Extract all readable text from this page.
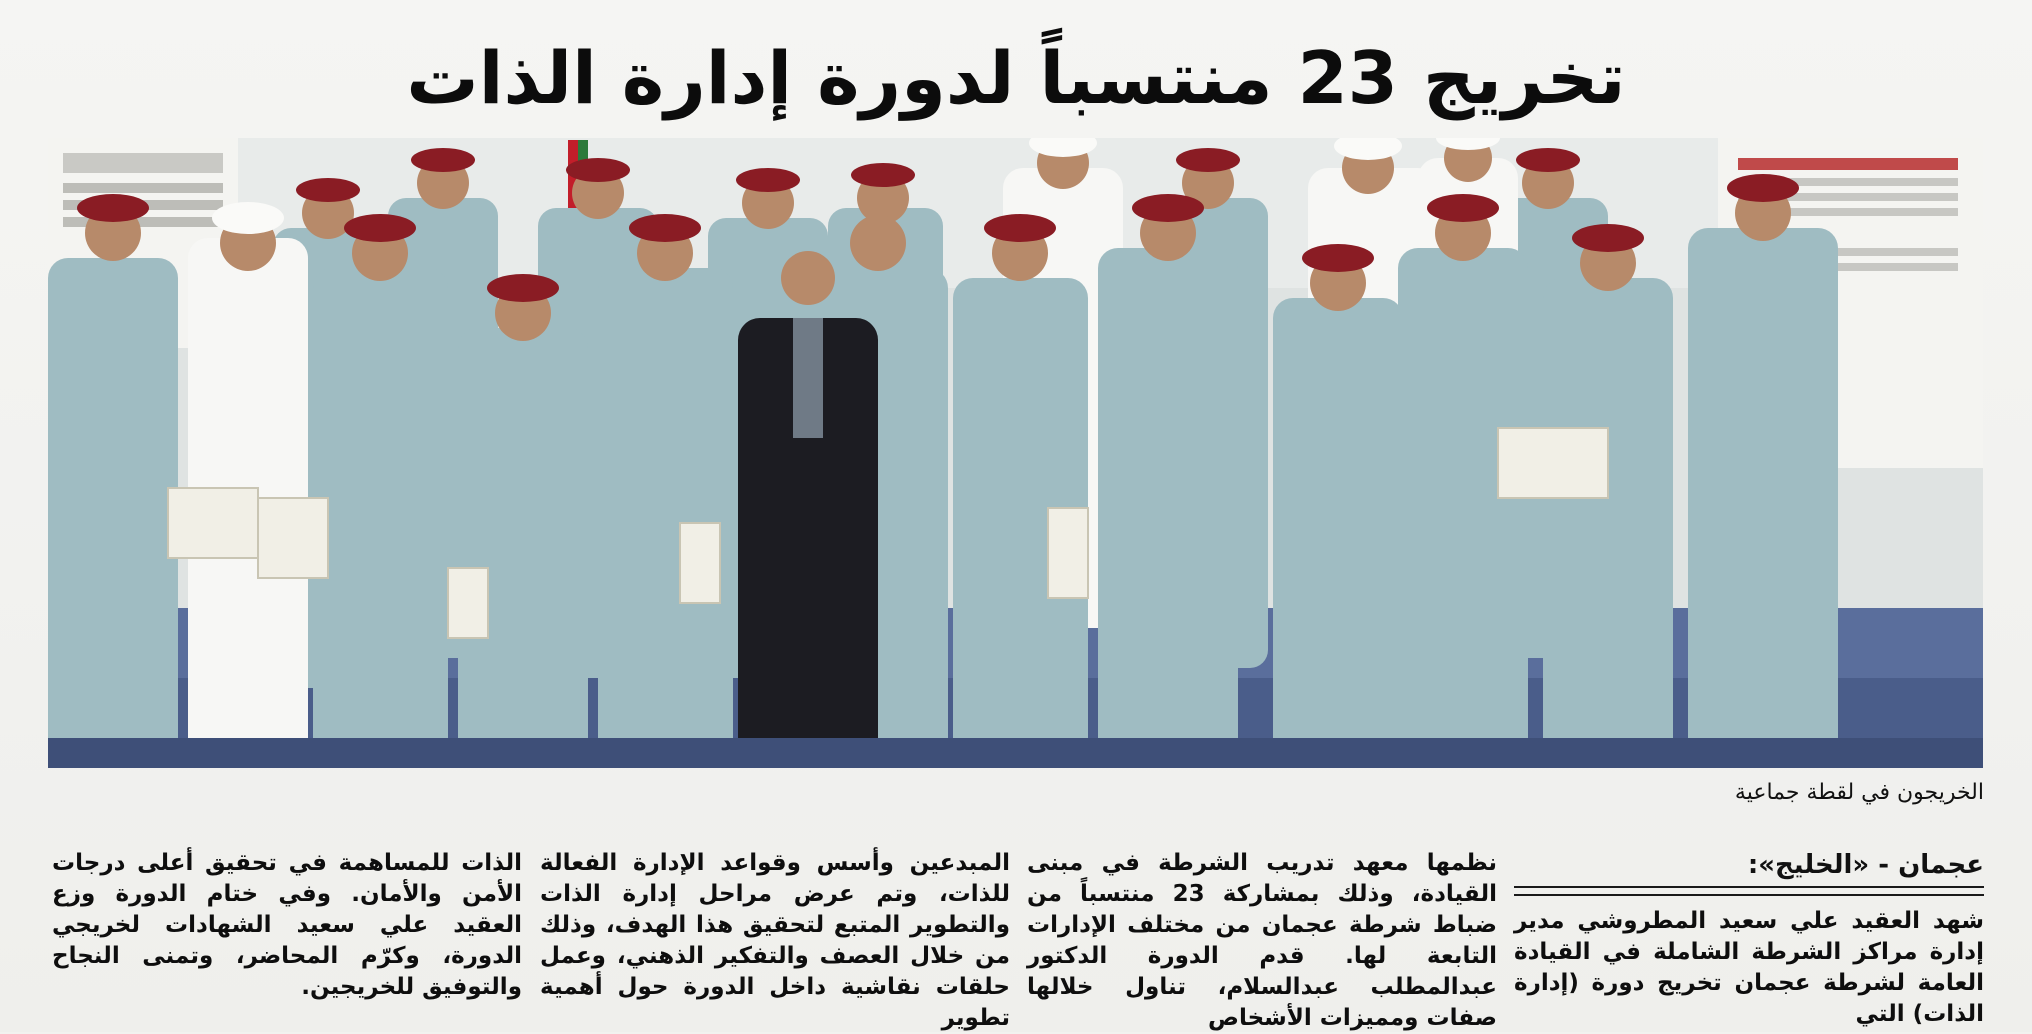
تخريج 23 منتسباً لدورة إدارة الذات
الخريجون في لقطة جماعية
عجمان - «الخليج»:

شهد العقيد علي سعيد المطروشي مدير إدارة مراكز الشرطة الشاملة في القيادة العامة لشرطة عجمان تخريج دورة (إدارة الذات) التي

نظمها معهد تدريب الشرطة في مبنى القيادة، وذلك بمشاركة 23 منتسباً من ضباط شرطة عجمان من مختلف الإدارات التابعة لها. قدم الدورة الدكتور عبدالمطلب عبدالسلام، تناول خلالها صفات ومميزات الأشخاص

المبدعين وأسس وقواعد الإدارة الفعالة للذات، وتم عرض مراحل إدارة الذات والتطوير المتبع لتحقيق هذا الهدف، وذلك من خلال العصف والتفكير الذهني، وعمل حلقات نقاشية داخل الدورة حول أهمية تطوير

الذات للمساهمة في تحقيق أعلى درجات الأمن والأمان. وفي ختام الدورة وزع العقيد علي سعيد الشهادات لخريجي الدورة، وكرّم المحاضر، وتمنى النجاح والتوفيق للخريجين.
